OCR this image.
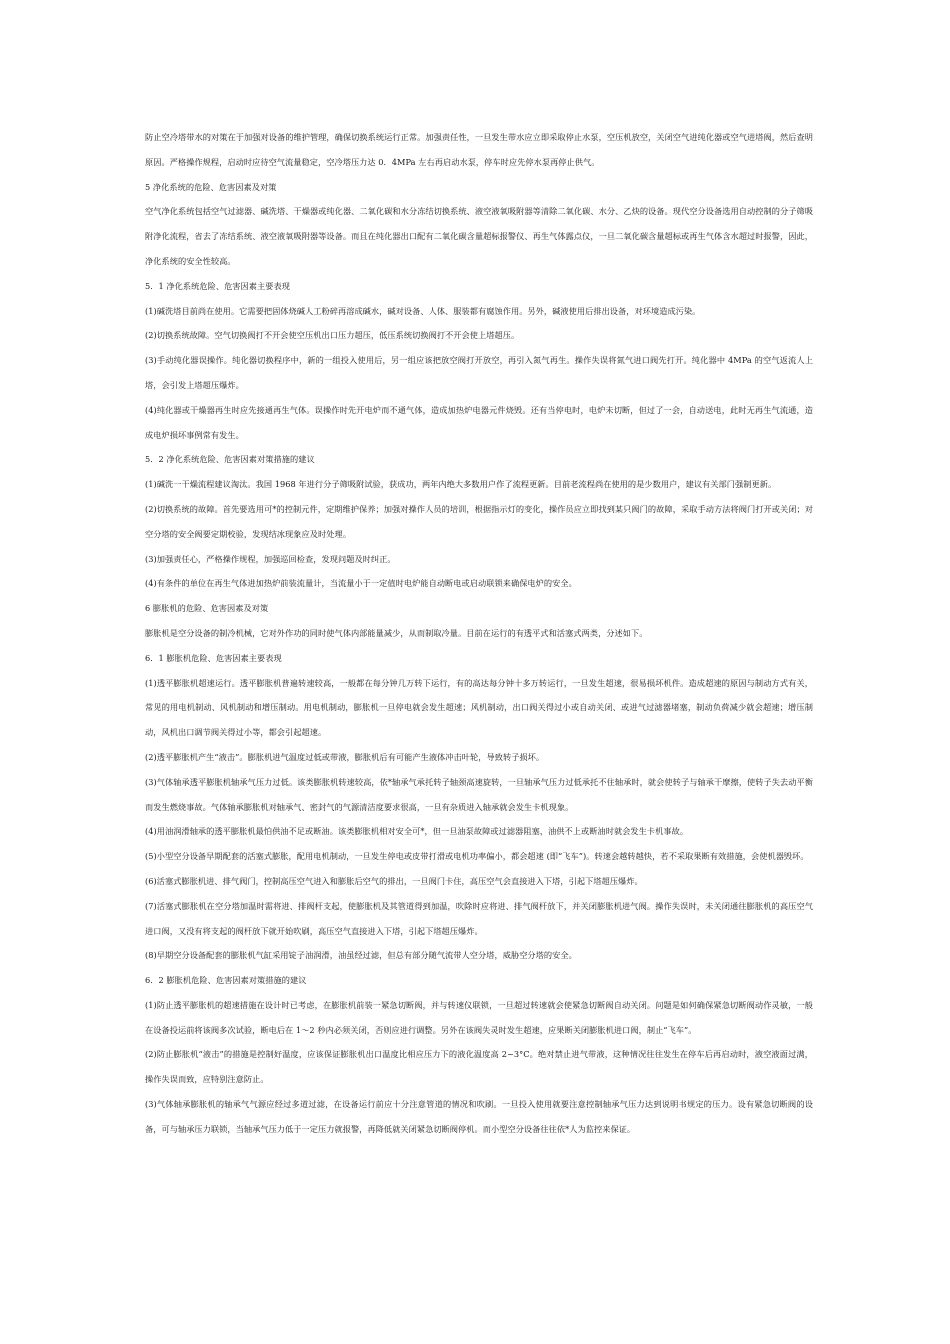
防止空冷塔带水的对策在于加强对设备的维护管理，确保切换系统运行正常。加强责任性，一旦发生带水应立即采取停止水泵，空压机放空，关闭空气进纯化器或空气进塔阀，然后查明原因。严格操作规程，启动时应待空气流量稳定，空冷塔压力达 0．4MPa 左右再启动水泵，停车时应先停水泵再停止供气。

5 净化系统的危险、危害因素及对策

空气净化系统包括空气过滤器、碱洗塔、干燥器或纯化器、二氧化碳和水分冻结切换系统、液空液氧吸附器等清除二氧化碳、水分、乙炔的设备。现代空分设备选用自动控制的分子筛吸附净化流程，省去了冻结系统、液空液氧吸附器等设备。而且在纯化器出口配有二氧化碳含量超标报警仪、再生气体露点仪，一旦二氧化碳含量超标或再生气体含水超过时报警，因此，净化系统的安全性较高。

5．1 净化系统危险、危害因素主要表现

(1)碱洗塔目前尚在使用。它需要把固体烧碱人工粉碎再溶成碱水，碱对设备、人体、服装都有腐蚀作用。另外，碱液使用后排出设备，对环境造成污染。

(2)切换系统故障。空气切换阀打不开会使空压机出口压力超压，低压系统切换阀打不开会使上塔超压。

(3)手动纯化器误操作。纯化器切换程序中，新的一组投入使用后，另一组应该把放空阀打开放空，再引入氮气再生。操作失误将氮气进口阀先打开。纯化器中 4MPa 的空气返流人上塔，会引发上塔超压爆炸。

(4)纯化器或干燥器再生时应先接通再生气体。误操作时先开电炉而不通气体，造成加热炉电器元件烧毁。还有当停电时，电炉未切断，但过了一会，自动送电，此时无再生气流通，造成电炉损坏事例常有发生。

5．2 净化系统危险、危害因素对策措施的建议

(1)碱洗一干燥流程建议淘汰。我国 1968 年进行分子筛吸附试验，获成功，两年内绝大多数用户作了流程更新。目前老流程尚在使用的是少数用户，建议有关部门强制更新。

(2)切换系统的故障。首先要选用可*的控制元件，定期维护保养；加强对操作人员的培训，根据指示灯的变化，操作员应立即找到某只阀门的故障，采取手动方法将阀门打开或关闭；对空分塔的安全阀要定期校验，发现结冰现象应及时处理。

(3)加强责任心，严格操作规程，加强巡回检查，发现问题及时纠正。

(4)有条件的单位在再生气体进加热炉前装流量计，当流量小于一定值时电炉能自动断电或启动联锁来确保电炉的安全。

6 膨胀机的危险、危害因素及对策

膨胀机是空分设备的制冷机械，它对外作功的同时使气体内部能量减少，从而制取冷量。目前在运行的有透平式和活塞式两类，分述如下。

6．1 膨胀机危险、危害因素主要表现

(1)透平膨胀机超速运行。透平膨胀机普遍转速较高，一般都在每分钟几万转下运行，有的高达每分钟十多万转运行，一旦发生超速，很易损坏机件。造成超速的原因与制动方式有关，常见的用电机制动、风机制动和增压制动。用电机制动，膨胀机一旦停电就会发生超速；风机制动，出口阀关得过小或自动关闭、或进气过滤器堵塞，制动负荷减少就会超速；增压制动，风机出口调节阀关得过小等，都会引起超速。

(2)透平膨胀机产生“液击”。膨胀机进气温度过低或带液，膨胀机后有可能产生液体冲击叶轮，导致转子损坏。

(3)气体轴承透平膨胀机轴承气压力过低。该类膨胀机转速较高，依*轴承气承托转子轴颈高速旋转，一旦轴承气压力过低承托不住轴承时，就会使转子与轴承干摩擦，使转子失去动平衡而发生燃烧事故。气体轴承膨胀机对轴承气、密封气的气源清洁度要求很高，一旦有杂质进入轴承就会发生卡机现象。

(4)用油润滑轴承的透平膨胀机最怕供油不足或断油。该类膨胀机相对安全可*，但一旦油泵故障或过滤器阻塞，油供不上或断油时就会发生卡机事故。

(5)小型空分设备早期配套的活塞式膨胀，配用电机制动，一旦发生停电或皮带打滑或电机功率偏小，都会超速 (即“飞车”)。转速会越转越快，若不采取果断有效措施，会使机器毁坏。

(6)活塞式膨胀机进、排气阀门，控制高压空气进入和膨胀后空气的排出，一旦阀门卡住，高压空气会直接进入下塔，引起下塔超压爆炸。

(7)活塞式膨胀机在空分塔加温时需将进、排阀杆支起，使膨胀机及其管道得到加温，吹除时应将进、排气阀杆放下，并关闭膨胀机进气阀。操作失误时，未关闭通往膨胀机的高压空气进口阀，又没有将支起的阀杆放下就开始吹刷，高压空气直接进入下塔，引起下塔超压爆炸。

(8)早期空分设备配套的膨胀机气缸采用锭子油润滑，油虽经过滤，但总有部分随气流带人空分塔，威胁空分塔的安全。

6．2 膨胀机危险、危害因素对策措施的建议

(1)防止透平膨胀机的超速措施在设计时已考虑，在膨胀机前装一紧急切断阀，并与转速仪联锁，一旦超过转速就会使紧急切断阀自动关闭。问题是如何确保紧急切断阀动作灵敏，一般在设备投运前将该阀多次试验，断电后在 1～2 秒内必须关闭，否则应进行调整。另外在该阀失灵时发生超速，应果断关闭膨胀机进口阀，制止“飞车”。

(2)防止膨胀机“液击”的措施是控制好温度，应该保证膨胀机出口温度比相应压力下的液化温度高 2~3°C。绝对禁止进气带液，这种情况往往发生在停车后再启动时，液空液面过满，操作失误而致，应特别注意防止。

(3)气体轴承膨胀机的轴承气气源应经过多道过滤，在设备运行前应十分注意管道的情况和吹刷。一旦投入使用就要注意控制轴承气压力达到说明书规定的压力。设有紧急切断阀的设备，可与轴承压力联锁，当轴承气压力低于一定压力就报警，再降低就关闭紧急切断阀停机。而小型空分设备往往依*人为监控来保证。
